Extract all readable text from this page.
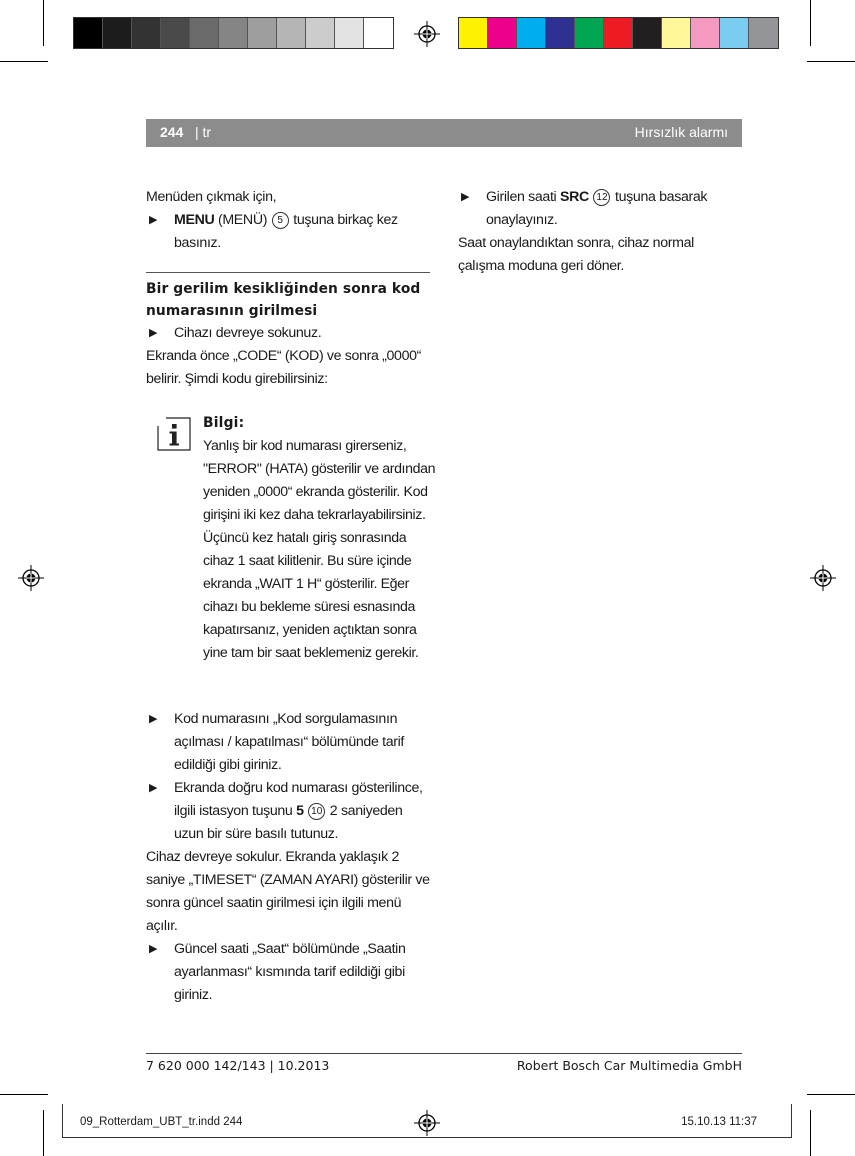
244 | tr	Hırsızlık alarmı
Menüden çıkmak için,
▶ MENU (MENÜ) 5 tuşuna birkaç kez basınız.
Bir gerilim kesikliğinden sonra kod numarasının girilmesi
▶ Cihazı devreye sokunuz.
Ekranda önce „CODE“ (KOD) ve sonra „0000“ belirir. Şimdi kodu girebilirsiniz:
Bilgi:
Yanlış bir kod numarası girerseniz, "ERROR" (HATA) gösterilir ve ardından yeniden „0000“ ekranda gösterilir. Kod girişini iki kez daha tekrarlayabilirsiniz. Üçüncü kez hatalı giriş sonrasında cihaz 1 saat kilitlenir. Bu süre içinde ekranda „WAIT 1 H“ gösterilir. Eğer cihazı bu bekleme süresi esnasında kapatırsanız, yeniden açtıktan sonra yine tam bir saat beklemeniz gerekir.
▶ Kod numarasını „Kod sorgulamasının açılması / kapatılması“ bölümünde tarif edildiği gibi giriniz.
▶ Ekranda doğru kod numarası gösterilince, ilgili istasyon tuşunu 5 10 2 saniyeden uzun bir süre basılı tutunuz.
Cihaz devreye sokulur. Ekranda yaklaşık 2 saniye „TIMESET“ (ZAMAN AYARI) gösterilir ve sonra güncel saatin girilmesi için ilgili menü açılır.
▶ Güncel saati „Saat“ bölümünde „Saatin ayarlanması“ kısmında tarif edildiği gibi giriniz.
▶ Girilen saati SRC 12 tuşuna basarak onaylayınız.
Saat onaylandıktan sonra, cihaz normal çalışma moduna geri döner.
7 620 000 142/143 | 10.2013	Robert Bosch Car Multimedia GmbH
09_Rotterdam_UBT_tr.indd 244	15.10.13 11:37
